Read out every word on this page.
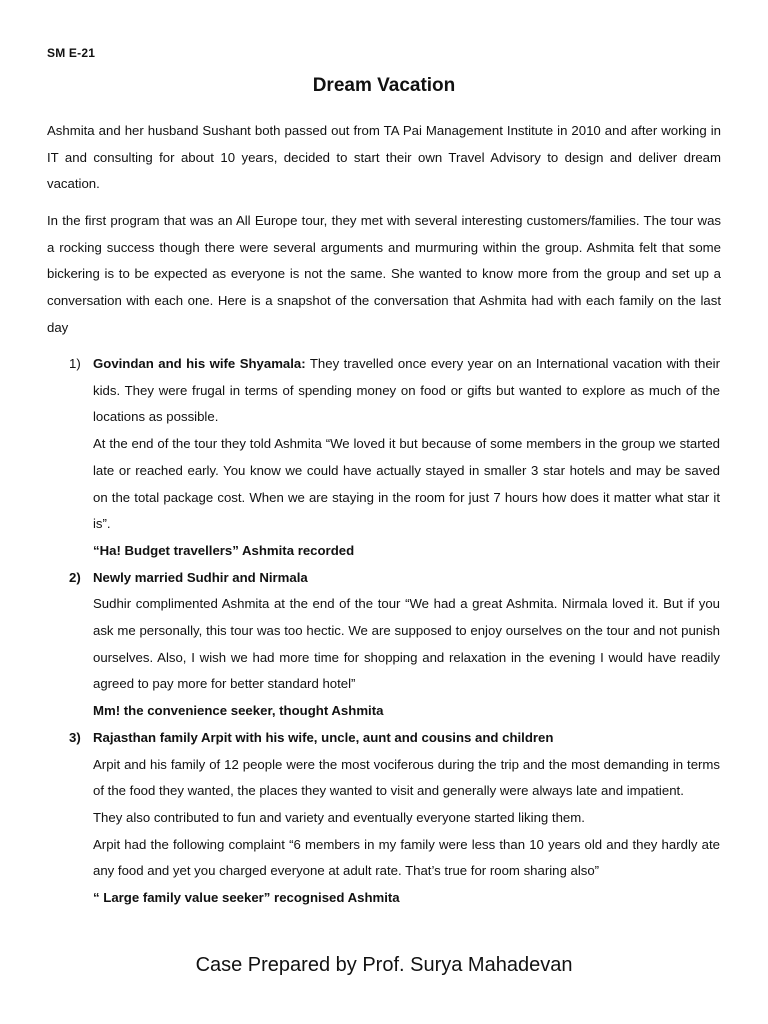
SM E-21
Dream Vacation

Ashmita and her husband Sushant both passed out from TA Pai Management Institute in 2010 and after working in IT and consulting for about 10 years, decided to start their own Travel Advisory to design and deliver dream vacation.

In the first program that was an All Europe tour, they met with several interesting customers/families. The tour was a rocking success though there were several arguments and murmuring within the group. Ashmita felt that some bickering is to be expected as everyone is not the same. She wanted to know more from the group and set up a conversation with each one. Here is a snapshot of the conversation that Ashmita had with each family on the last day

1) Govindan and his wife Shyamala: They travelled once every year on an International vacation with their kids. They were frugal in terms of spending money on food or gifts but wanted to explore as much of the locations as possible.
At the end of the tour they told Ashmita “We loved it but because of some members in the group we started late or reached early. You know we could have actually stayed in smaller 3 star hotels and may be saved on the total package cost. When we are staying in the room for just 7 hours how does it matter what star it is”.
“Ha! Budget travellers” Ashmita recorded
2) Newly married Sudhir and Nirmala
Sudhir complimented Ashmita at the end of the tour “We had a great Ashmita. Nirmala loved it. But if you ask me personally, this tour was too hectic. We are supposed to enjoy ourselves on the tour and not punish ourselves. Also, I wish we had more time for shopping and relaxation in the evening I would have readily agreed to pay more for better standard hotel”
Mm! the convenience seeker, thought Ashmita
3) Rajasthan family Arpit with his wife, uncle, aunt and cousins and children
Arpit and his family of 12 people were the most vociferous during the trip and the most demanding in terms of the food they wanted, the places they wanted to visit and generally were always late and impatient.
They also contributed to fun and variety and eventually everyone started liking them.
Arpit had the following complaint “6 members in my family were less than 10 years old and they hardly ate any food and yet you charged everyone at adult rate. That’s true for room sharing also”
“ Large family value seeker” recognised Ashmita
Case Prepared by Prof. Surya Mahadevan
